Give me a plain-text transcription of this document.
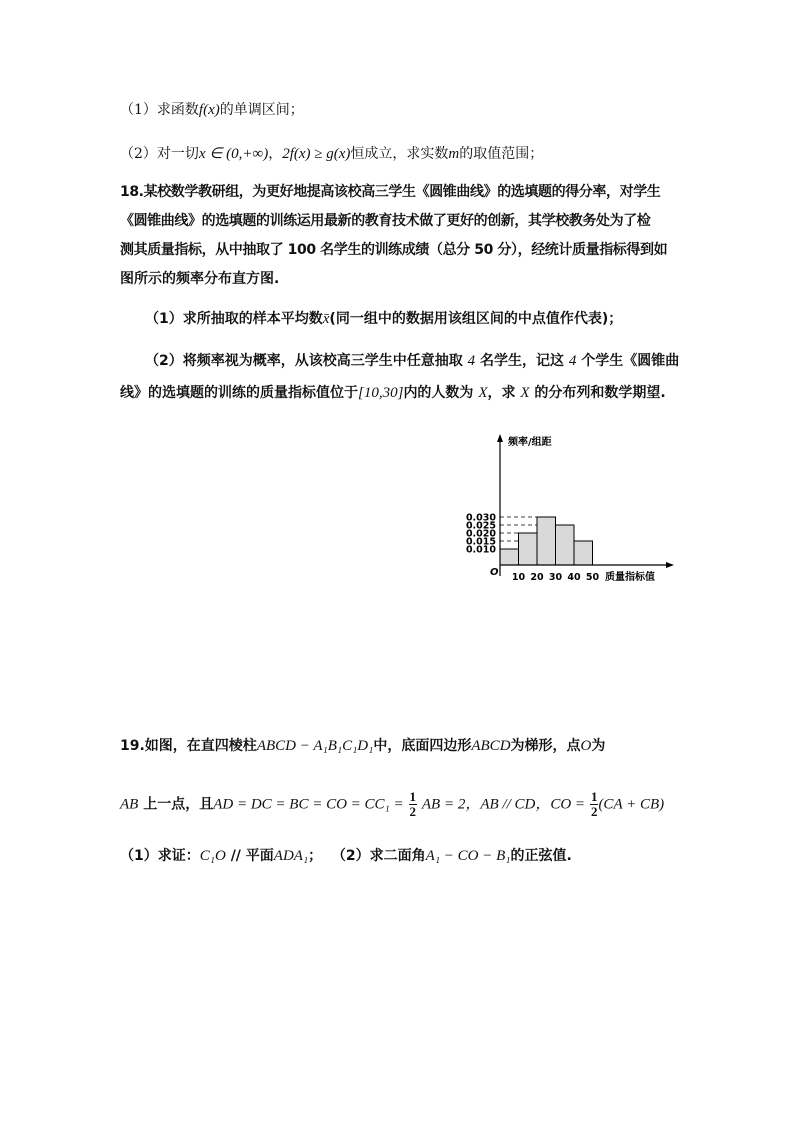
（1）求函数f(x)的单调区间；
（2）对一切x ∈ (0,+∞)，2f(x) ≥ g(x)恒成立，求实数m的取值范围；
18.某校数学教研组，为更好地提高该校高三学生《圆锥曲线》的选填题的得分率，对学生
《圆锥曲线》的选填题的训练运用最新的教育技术做了更好的创新，其学校教务处为了检
测其质量指标，从中抽取了 100 名学生的训练成绩（总分 50 分），经统计质量指标得到如
图所示的频率分布直方图.
（1）求所抽取的样本平均数x̄(同一组中的数据用该组区间的中点值作代表)；
（2）将频率视为概率，从该校高三学生中任意抽取 4 名学生，记这 4 个学生《圆锥曲
线》的选填题的训练的质量指标值位于[10,30]内的人数为 X，求 X 的分布列和数学期望.
0.010
0.015
0.020
0.025
0.030
10 20 30 40 50
频率/组距
质量指标值
O
19.如图，在直四棱柱ABCD − A₁B₁C₁D₁中，底面四边形ABCD为梯形，点O为
AB 上一点，且AD = DC = BC = CO = $CC_1 = \frac{1}{2}$ AB = 2，AB // CD，CO = $\frac{1}{2} (CA + CB)$
（1）求证：C₁O // 平面ADA₁； （2）求二面角A₁ − CO − B₁的正弦值.
